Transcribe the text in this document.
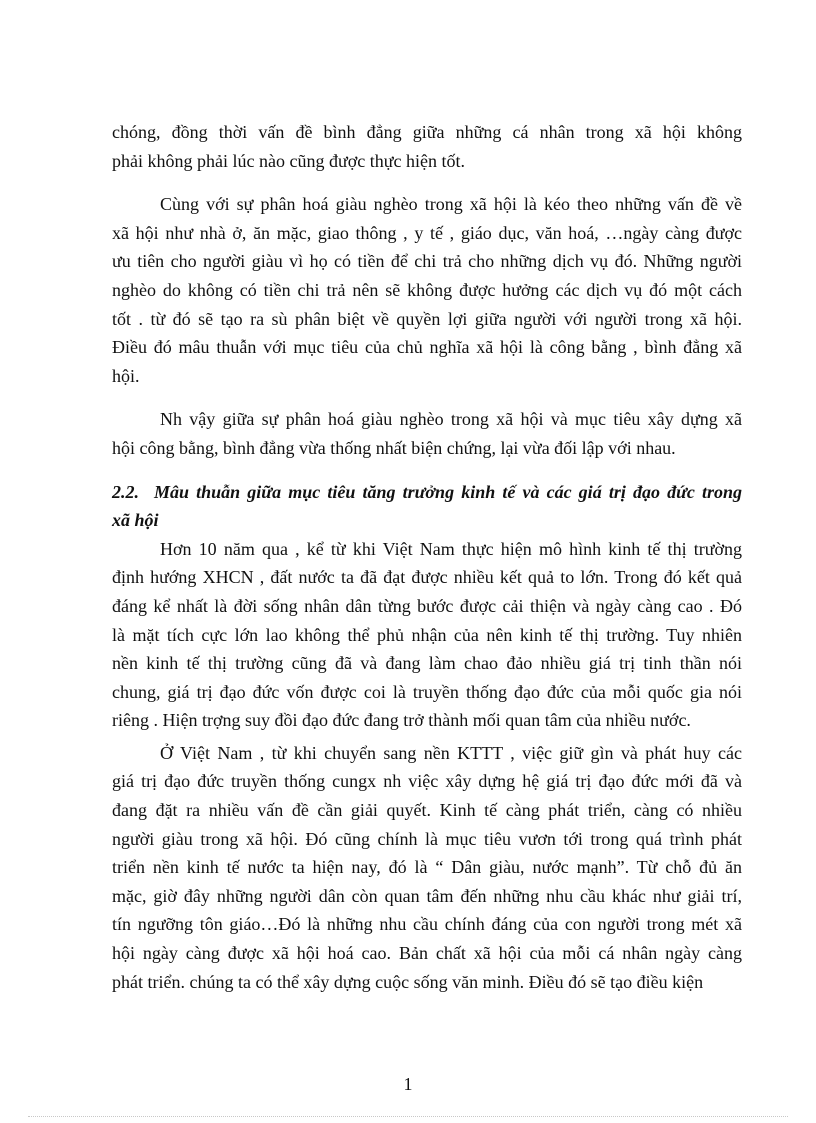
chóng, đồng thời vấn đề bình đẳng giữa những cá nhân trong xã hội không
phải không phải lúc nào cũng được thực hiện tốt.
Cùng với sự phân hoá giàu nghèo trong xã hội là kéo theo những vấn đề về
xã hội như nhà ở, ăn mặc, giao thông , y tế , giáo dục, văn hoá, …ngày càng được
ưu tiên cho người giàu vì họ có tiền để chi trả cho những dịch vụ đó. Những người
nghèo do không có tiền chi trả nên sẽ không được hưởng các dịch vụ đó một cách
tốt . từ đó sẽ tạo ra sù phân biệt về quyền lợi giữa người với người trong xã hội.
Điều đó mâu thuẫn với mục tiêu của chủ nghĩa xã hội là công bằng , bình đẳng xã
hội.
Nh vậy giữa sự phân hoá giàu nghèo trong xã hội và mục tiêu xây dựng xã
hội công bằng, bình đẳng vừa thống nhất biện chứng, lại vừa đối lập với nhau.
2.2. Mâu thuẫn giữa mục tiêu tăng trưởng kinh tế và các giá trị đạo đức trong
xã hội
Hơn 10 năm qua , kể từ khi Việt Nam thực hiện mô hình kinh tế thị trường
định hướng XHCN , đất nước ta đã đạt được nhiều kết quả to lớn. Trong đó kết quả
đáng kể nhất là đời sống nhân dân từng bước được cải thiện và ngày càng cao . Đó
là mặt tích cực lớn lao không thể phủ nhận của nên kinh tế thị trường. Tuy nhiên
nền kinh tế thị trường cũng đã và đang làm chao đảo nhiều giá trị tinh thần nói
chung, giá trị đạo đức vốn được coi là truyền thống đạo đức của mỗi quốc gia nói
riêng . Hiện trợng suy đồi đạo đức đang trở thành mối quan tâm của nhiều nước.
Ở Việt Nam , từ khi chuyển sang nền KTTT , việc giữ gìn và phát huy các
giá trị đạo đức truyền thống cungx nh việc xây dựng hệ giá trị đạo đức mới đã và
đang đặt ra nhiều vấn đề cần giải quyết. Kinh tế càng phát triển, càng có nhiều
người giàu trong xã hội. Đó cũng chính là mục tiêu vươn tới trong quá trình phát
triển nền kinh tế nước ta hiện nay, đó là “ Dân giàu, nước mạnh”. Từ chỗ đủ ăn
mặc, giờ đây những người dân còn quan tâm đến những nhu cầu khác như giải trí,
tín ngưỡng tôn giáo…Đó là những nhu cầu chính đáng của con người trong mét xã
hội ngày càng được xã hội hoá cao. Bản chất xã hội của mỗi cá nhân ngày càng
phát triển. chúng ta có thể xây dựng cuộc sống văn minh. Điều đó sẽ tạo điều kiện
1
